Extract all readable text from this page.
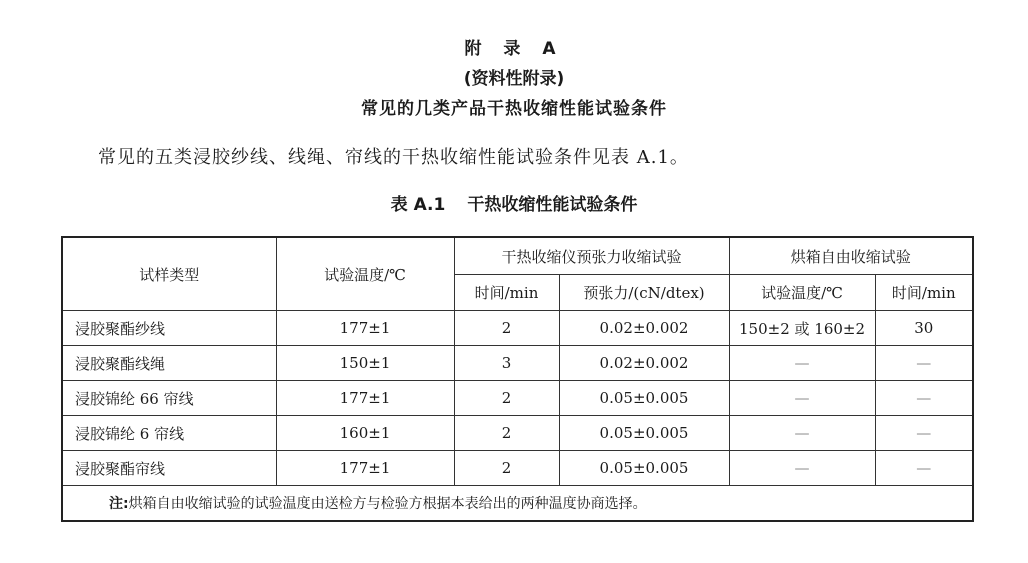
附 录 A
(资料性附录)
常见的几类产品干热收缩性能试验条件
常见的五类浸胶纱线、线绳、帘线的干热收缩性能试验条件见表 A.1。
表 A.1 干热收缩性能试验条件
试样类型	试验温度/℃	干热收缩仪预张力收缩试验		烘箱自由收缩试验	
		时间/min	预张力/(cN/dtex)	试验温度/℃	时间/min
浸胶聚酯纱线	177±1	2	0.02±0.002	150±2 或 160±2	30
浸胶聚酯线绳	150±1	3	0.02±0.002	—	—
浸胶锦纶 66 帘线	177±1	2	0.05±0.005	—	—
浸胶锦纶 6 帘线	160±1	2	0.05±0.005	—	—
浸胶聚酯帘线	177±1	2	0.05±0.005	—	—
注:烘箱自由收缩试验的试验温度由送检方与检验方根据本表给出的两种温度协商选择。					
